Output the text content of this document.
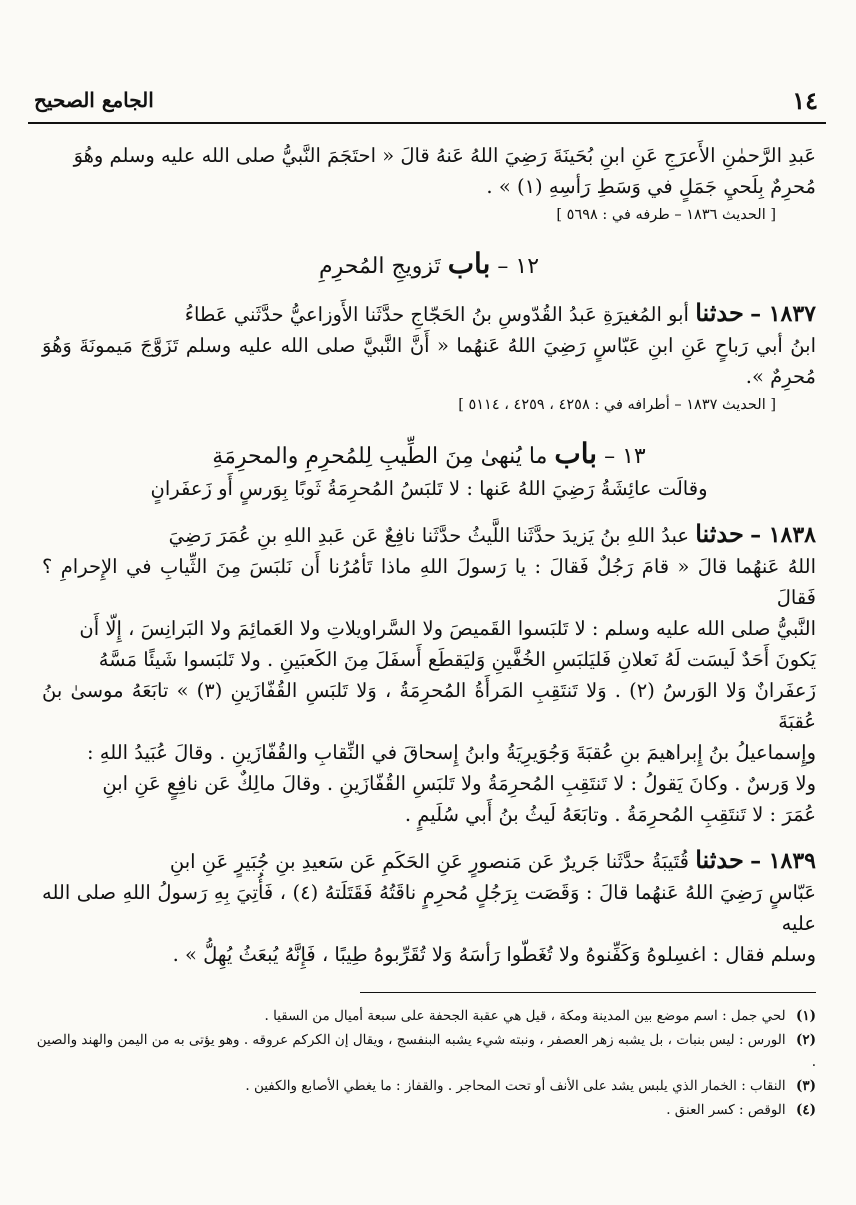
١٤
الجامع الصحيح

عَبدِ الرَّحمٰنِ الأَعرَجِ عَنِ ابنِ بُحَينَةَ رَضِيَ اللهُ عَنهُ قالَ « احتَجَمَ النَّبيُّ صلى الله عليه وسلم وهُوَ

مُحرِمٌ بِلَحيِ جَمَلٍ في وَسَطِ رَأسِهِ (١) » .

[ الحديث ١٨٣٦ – طرفه في : ٥٦٩٨ ]

١٢ – باب تَزويجِ المُحرِمِ

١٨٣٧ – حدثنا أبو المُغيرَةِ عَبدُ القُدّوسِ بنُ الحَجّاجِ حدَّثَنا الأَوزاعيُّ حدَّثَني عَطاءُ

ابنُ أبي رَباحٍ عَنِ ابنِ عَبّاسٍ رَضِيَ اللهُ عَنهُما « أَنَّ النَّبيَّ صلى الله عليه وسلم تَزَوَّجَ مَيمونَةَ وَهُوَ مُحرِمٌ ».

[ الحديث ١٨٣٧ – أطرافه في : ٤٢٥٨ ، ٤٢٥٩ ، ٥١١٤ ]

١٣ – باب ما يُنهىٰ مِنَ الطِّيبِ لِلمُحرِمِ والمحرِمَةِ

وقالَت عائِشَةُ رَضِيَ اللهُ عَنها : لا تَلبَسُ المُحرِمَةُ ثَوبًا بِوَرسٍ أَو زَعفَرانٍ

١٨٣٨ – حدثنا عبدُ اللهِ بنُ يَزيدَ حدَّثَنا اللَّيثُ حدَّثَنا نافِعٌ عَن عَبدِ اللهِ بنِ عُمَرَ رَضِيَ

اللهُ عَنهُما قالَ « قامَ رَجُلٌ فَقالَ : يا رَسولَ اللهِ ماذا تَأمُرُنا أَن نَلبَسَ مِنَ الثِّيابِ في الإِحرامِ ؟ فَقالَ

النَّبيُّ صلى الله عليه وسلم : لا تَلبَسوا القَميصَ ولا السَّراويلاتِ ولا العَمائِمَ ولا البَرانِسَ ، إِلّا أَن

يَكونَ أَحَدٌ لَيسَت لَهُ نَعلانِ فَليَلبَسِ الخُفَّينِ وَليَقطَع أَسفَلَ مِنَ الكَعبَينِ . ولا تَلبَسوا شَيئًا مَسَّهُ

زَعفَرانٌ وَلا الوَرسُ (٢) . وَلا تَنتَقِبِ المَرأَةُ المُحرِمَةُ ، وَلا تَلبَسِ القُفّازَينِ (٣) » تابَعَهُ موسىٰ بنُ عُقبَةَ

وإِسماعيلُ بنُ إِبراهيمَ بنِ عُقبَةَ وَجُوَيرِيَةُ وابنُ إِسحاقَ في النِّقابِ والقُفّازَينِ . وقالَ عُبَيدُ اللهِ :

ولا وَرسٌ . وكانَ يَقولُ : لا تَنتَقِبِ المُحرِمَةُ ولا تَلبَسِ القُفّازَينِ . وقالَ مالِكٌ عَن نافِعٍ عَنِ ابنِ

عُمَرَ : لا تَنتَقِبِ المُحرِمَةُ . وتابَعَهُ لَيثُ بنُ أَبي سُلَيمٍ .

١٨٣٩ – حدثنا قُتَيبَةُ حدَّثَنا جَريرٌ عَن مَنصورٍ عَنِ الحَكَمِ عَن سَعيدِ بنِ جُبَيرٍ عَنِ ابنِ

عَبّاسٍ رَضِيَ اللهُ عَنهُما قالَ : وَقَصَت بِرَجُلٍ مُحرِمٍ ناقَتُهُ فَقَتَلَتهُ (٤) ، فَأُتِيَ بِهِ رَسولُ اللهِ صلى الله عليه

وسلم فقال : اغسِلوهُ وَكَفِّنوهُ ولا تُغَطّوا رَأسَهُ وَلا تُقَرِّبوهُ طِيبًا ، فَإِنَّهُ يُبعَثُ يُهِلُّ » .

(١) لحي جمل : اسم موضع بين المدينة ومكة ، قيل هي عقبة الجحفة على سبعة أميال من السقيا .

(٢) الورس : ليس بنبات ، بل يشبه زهر العصفر ، ونبته شيء يشبه البنفسج ، ويقال إن الكركم عروقه . وهو يؤتى به من اليمن والهند والصين .

(٣) النقاب : الخمار الذي يلبس يشد على الأنف أو تحت المحاجر . والقفاز : ما يغطي الأصابع والكفين .

(٤) الوقص : كسر العنق .
